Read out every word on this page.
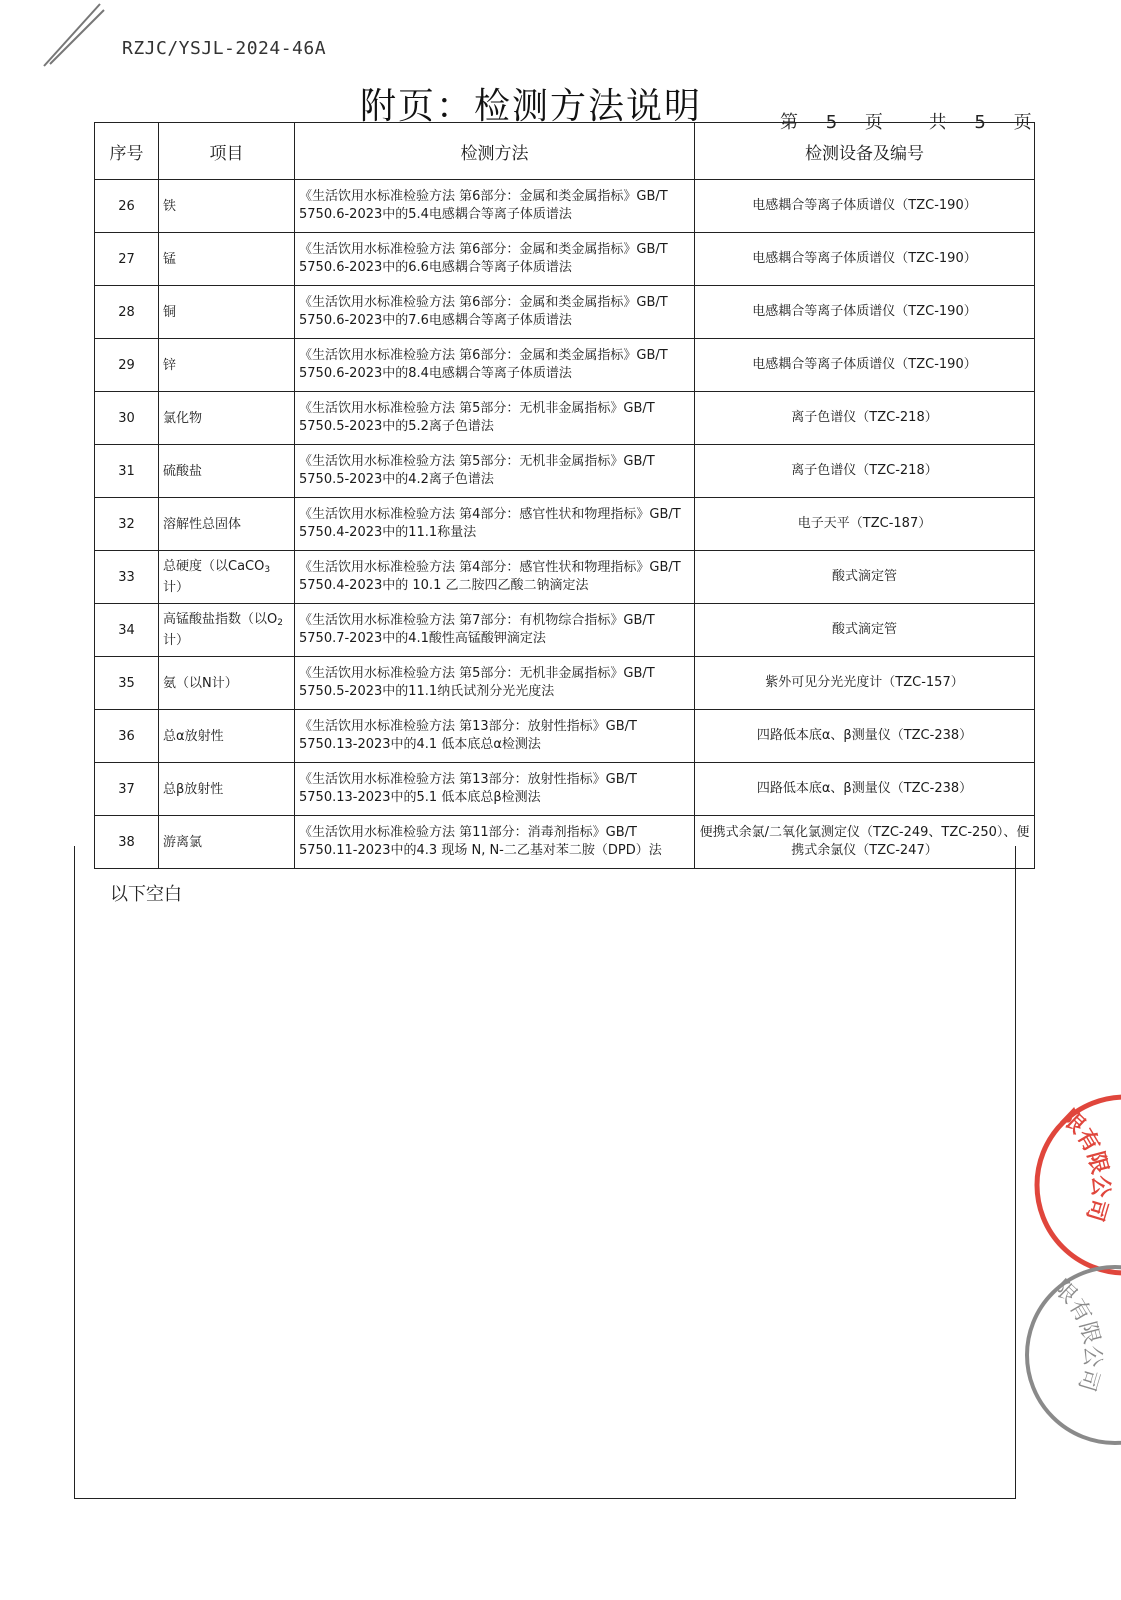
RZJC/YSJL-2024-46A
附页：检测方法说明	第 5 页	共 5 页
序号	项目	检测方法	检测设备及编号
26	铁	《生活饮用水标准检验方法 第6部分：金属和类金属指标》GB/T 5750.6-2023中的5.4电感耦合等离子体质谱法	电感耦合等离子体质谱仪（TZC-190）
27	锰	《生活饮用水标准检验方法 第6部分：金属和类金属指标》GB/T 5750.6-2023中的6.6电感耦合等离子体质谱法	电感耦合等离子体质谱仪（TZC-190）
28	铜	《生活饮用水标准检验方法 第6部分：金属和类金属指标》GB/T 5750.6-2023中的7.6电感耦合等离子体质谱法	电感耦合等离子体质谱仪（TZC-190）
29	锌	《生活饮用水标准检验方法 第6部分：金属和类金属指标》GB/T 5750.6-2023中的8.4电感耦合等离子体质谱法	电感耦合等离子体质谱仪（TZC-190）
30	氯化物	《生活饮用水标准检验方法 第5部分：无机非金属指标》GB/T 5750.5-2023中的5.2离子色谱法	离子色谱仪（TZC-218）
31	硫酸盐	《生活饮用水标准检验方法 第5部分：无机非金属指标》GB/T 5750.5-2023中的4.2离子色谱法	离子色谱仪（TZC-218）
32	溶解性总固体	《生活饮用水标准检验方法 第4部分：感官性状和物理指标》GB/T 5750.4-2023中的11.1称量法	电子天平（TZC-187）
33	总硬度（以CaCO$_3$计）	《生活饮用水标准检验方法 第4部分：感官性状和物理指标》GB/T 5750.4-2023中的 10.1 乙二胺四乙酸二钠滴定法	酸式滴定管
34	高锰酸盐指数（以$O_2$计）	《生活饮用水标准检验方法 第7部分：有机物综合指标》GB/T 5750.7-2023中的4.1酸性高锰酸钾滴定法	酸式滴定管
35	氨（以N计）	《生活饮用水标准检验方法 第5部分：无机非金属指标》GB/T 5750.5-2023中的11.1纳氏试剂分光光度法	紫外可见分光光度计（TZC-157）
36	总α放射性	《生活饮用水标准检验方法 第13部分：放射性指标》GB/T 5750.13-2023中的4.1 低本底总α检测法	四路低本底α、β测量仪（TZC-238）
37	总β放射性	《生活饮用水标准检验方法 第13部分：放射性指标》GB/T 5750.13-2023中的5.1 低本底总β检测法	四路低本底α、β测量仪（TZC-238）
38	游离氯	《生活饮用水标准检验方法 第11部分：消毒剂指标》GB/T 5750.11-2023中的4.3 现场 N, N-二乙基对苯二胺（DPD）法	便携式余氯/二氧化氯测定仪（TZC-249、TZC-250）、便携式余氯仪（TZC-247）
以下空白
限有限公司
限有限公司
